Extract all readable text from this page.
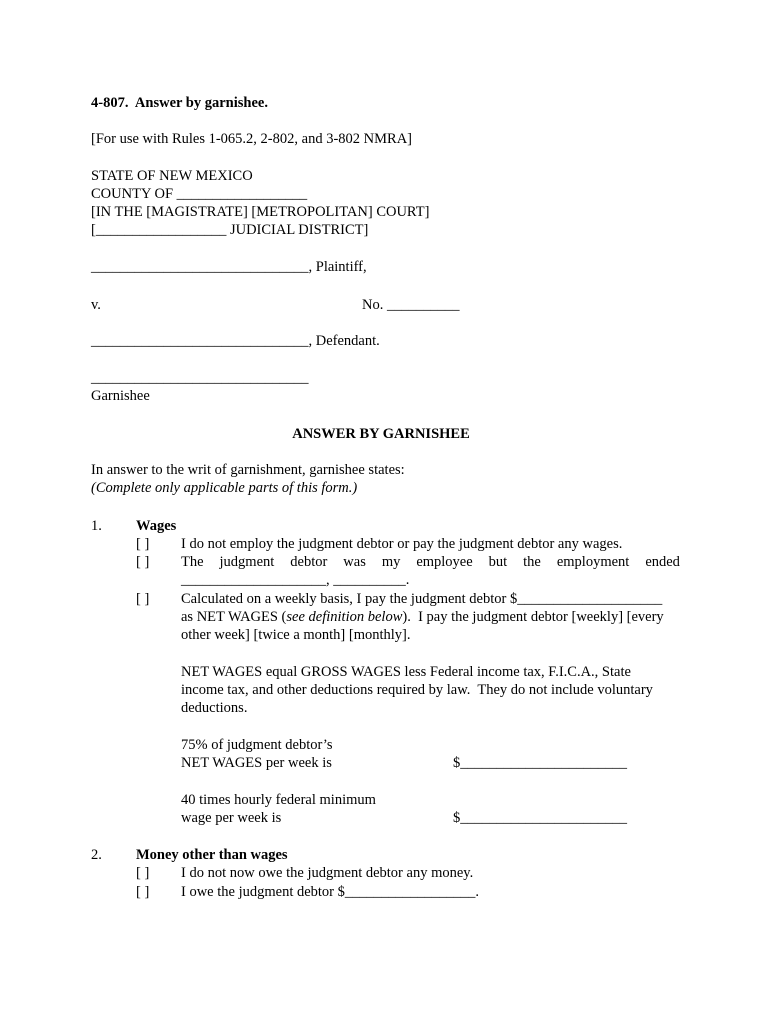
4-807. Answer by garnishee.
[For use with Rules 1-065.2, 2-802, and 3-802 NMRA]
STATE OF NEW MEXICO
COUNTY OF __________________
[IN THE [MAGISTRATE] [METROPOLITAN] COURT]
[__________________ JUDICIAL DISTRICT]
______________________________, Plaintiff,
v.	No. __________
______________________________, Defendant.
______________________________
Garnishee
ANSWER BY GARNISHEE
In answer to the writ of garnishment, garnishee states:
(Complete only applicable parts of this form.)
1. Wages
[ ] I do not employ the judgment debtor or pay the judgment debtor any wages.
[ ] The judgment debtor was my employee but the employment ended
____________________, __________.
[ ] Calculated on a weekly basis, I pay the judgment debtor $____________________
as NET WAGES (see definition below).  I pay the judgment debtor [weekly] [every
other week] [twice a month] [monthly].
NET WAGES equal GROSS WAGES less Federal income tax, F.I.C.A., State
income tax, and other deductions required by law.  They do not include voluntary
deductions.
75% of judgment debtor’s
NET WAGES per week is	$_______________________
40 times hourly federal minimum
wage per week is	$_______________________
2. Money other than wages
[ ] I do not now owe the judgment debtor any money.
[ ] I owe the judgment debtor $__________________.
